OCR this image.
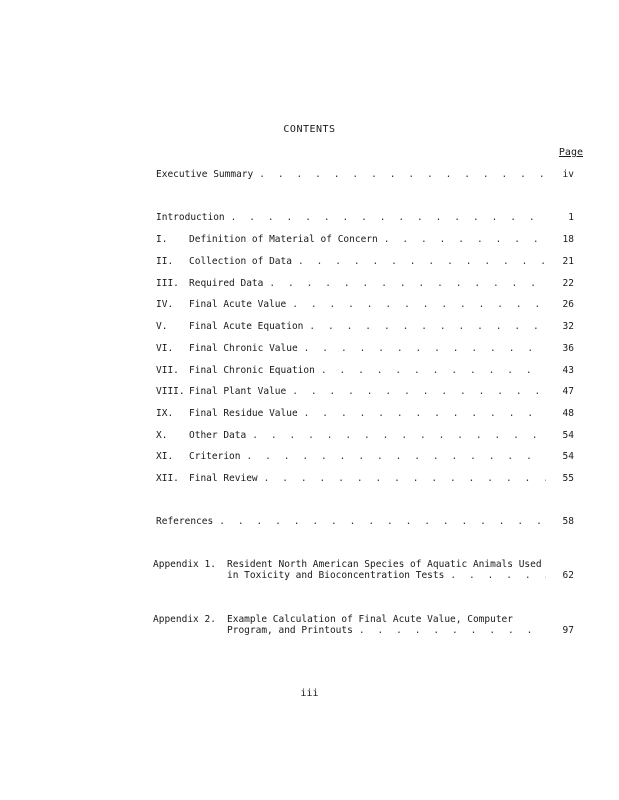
CONTENTS
Page
Executive Summary . . .	iv
Introduction . . .	1
I.	Definition of Material of Concern . . .	18
II.	Collection of Data . . .	21
III.	Required Data . . .	22
IV.	Final Acute Value . . .	26
V.	Final Acute Equation . . .	32
VI.	Final Chronic Value . . .	36
VII.	Final Chronic Equation . . .	43
VIII. Final Plant Value . . .	47
IX.	Final Residue Value . . .	48
X.	Other Data . . .	54
XI.	Criterion . . .	54
XII.	Final Review . . .	55
References . . .	58
Appendix 1.	Resident North American Species of Aquatic Animals Used
in Toxicity and Bioconcentration Tests . . .	62
Appendix 2.	Example Calculation of Final Acute Value, Computer
Program, and Printouts . . .	97
iii
